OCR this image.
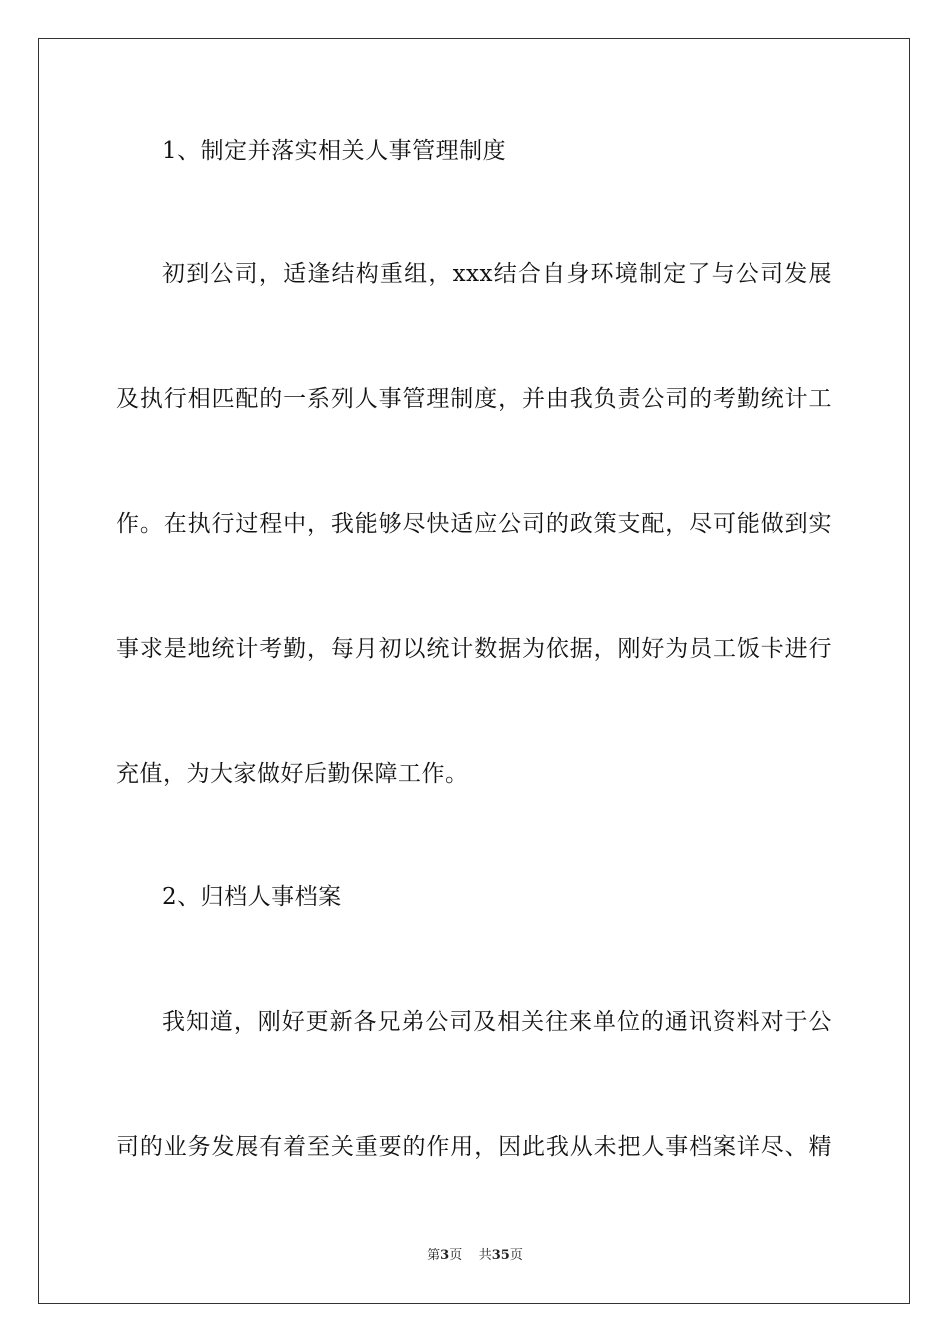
1、制定并落实相关人事管理制度
初到公司，适逢结构重组，xxx结合自身环境制定了与公司发展
及执行相匹配的一系列人事管理制度，并由我负责公司的考勤统计工
作。在执行过程中，我能够尽快适应公司的政策支配，尽可能做到实
事求是地统计考勤，每月初以统计数据为依据，刚好为员工饭卡进行
充值，为大家做好后勤保障工作。
2、归档人事档案
我知道，刚好更新各兄弟公司及相关往来单位的通讯资料对于公
司的业务发展有着至关重要的作用，因此我从未把人事档案详尽、精
第3页 共35页
